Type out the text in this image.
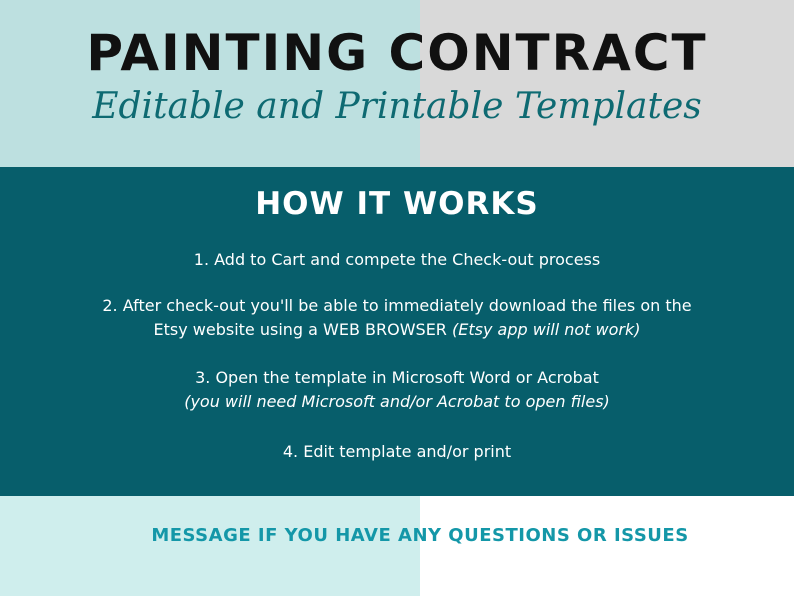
PAINTING CONTRACT
Editable and Printable Templates
HOW IT WORKS
1. Add to Cart and compete the Check-out process
2. After check-out you'll be able to immediately download the files on the
Etsy website using a WEB BROWSER (Etsy app will not work)
3. Open the template in Microsoft Word or Acrobat
(you will need Microsoft and/or Acrobat to open files)
4. Edit template and/or print
MESSAGE IF YOU HAVE ANY QUESTIONS OR ISSUES
